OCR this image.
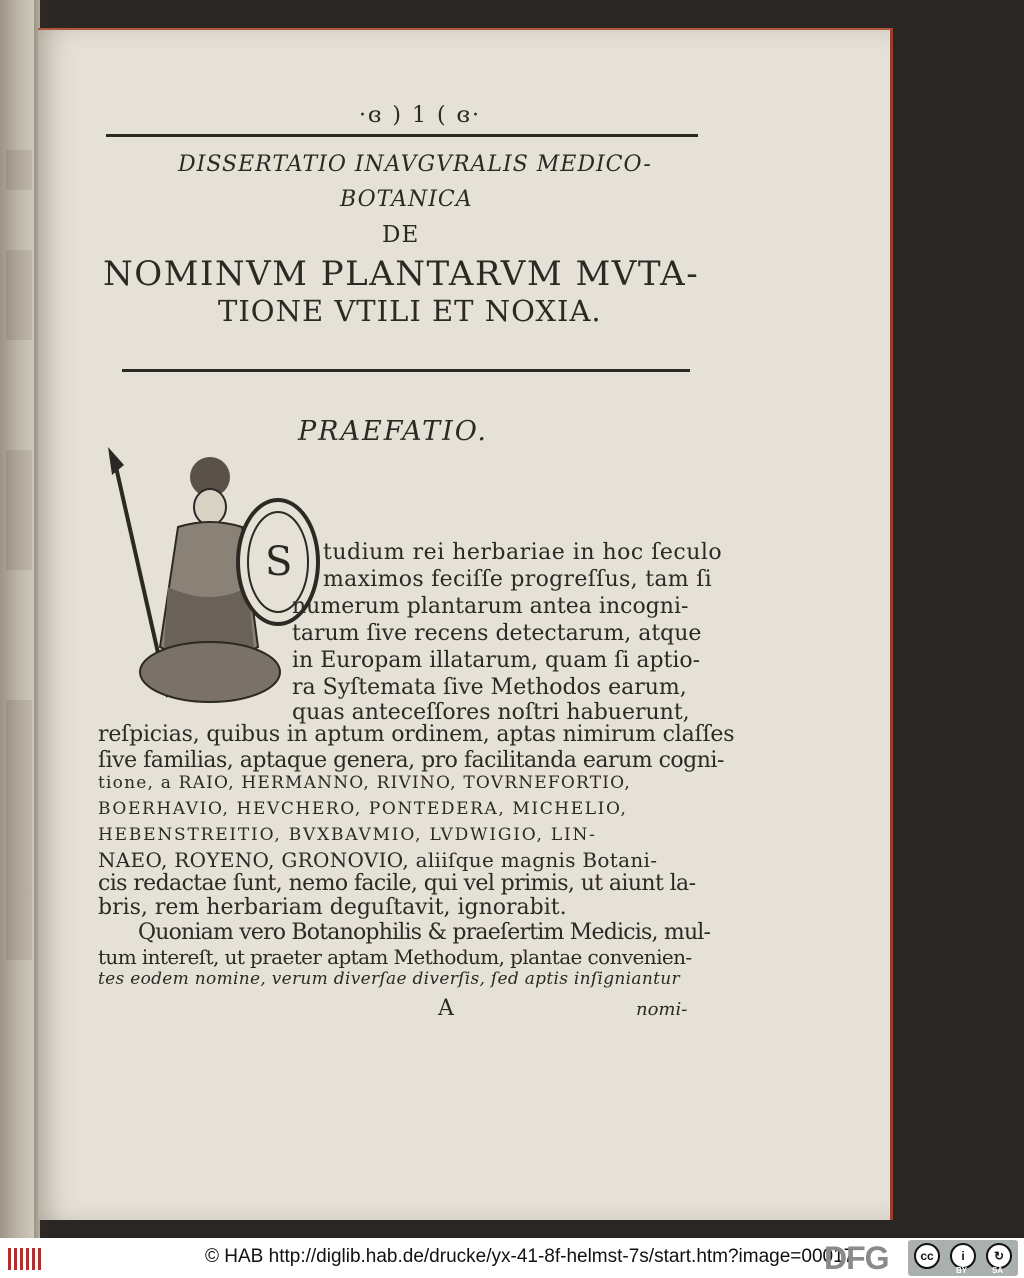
·ɞ ) 1 ( ɞ·
DISSERTATIO INAVGVRALIS MEDICO-
BOTANICA
DE
NOMINVM PLANTARVM MVTA-
TIONE VTILI ET NOXIA.
PRAEFATIO.
S tudium rei herbariae in hoc ſeculo
maximos feciſſe progreſſus, tam ſi
numerum plantarum antea incogni-
tarum ſive recens detectarum, atque
in Europam illatarum, quam ſi aptio-
ra Syſtemata ſive Methodos earum,
quas anteceſſores noſtri habuerunt,
reſpicias, quibus in aptum ordinem, aptas nimirum claſſes
ſive familias, aptaque genera, pro facilitanda earum cogni-
tione, a RAIO, HERMANNO, RIVINO, TOVRNEFORTIO,
BOERHAVIO, HEVCHERO, PONTEDERA, MICHELIO,
HEBENSTREITIO, BVXBAVMIO, LVDWIGIO, LIN-
NAEO, ROYENO, GRONOVIO, aliiſque magnis Botani-
cis redactae ſunt, nemo facile, qui vel primis, ut aiunt la-
bris, rem herbariam deguſtavit, ignorabit.
Quoniam vero Botanophilis & praeſertim Medicis, mul-
tum intereſt, ut praeter aptam Methodum, plantae convenien-
tes eodem nomine, verum diverſae diverſis, ſed aptis inſigniantur
A	nomi-
© HAB http://diglib.hab.de/drucke/yx-41-8f-helmst-7s/start.htm?image=00017
DFG	cc	i	↻
BY	SA
